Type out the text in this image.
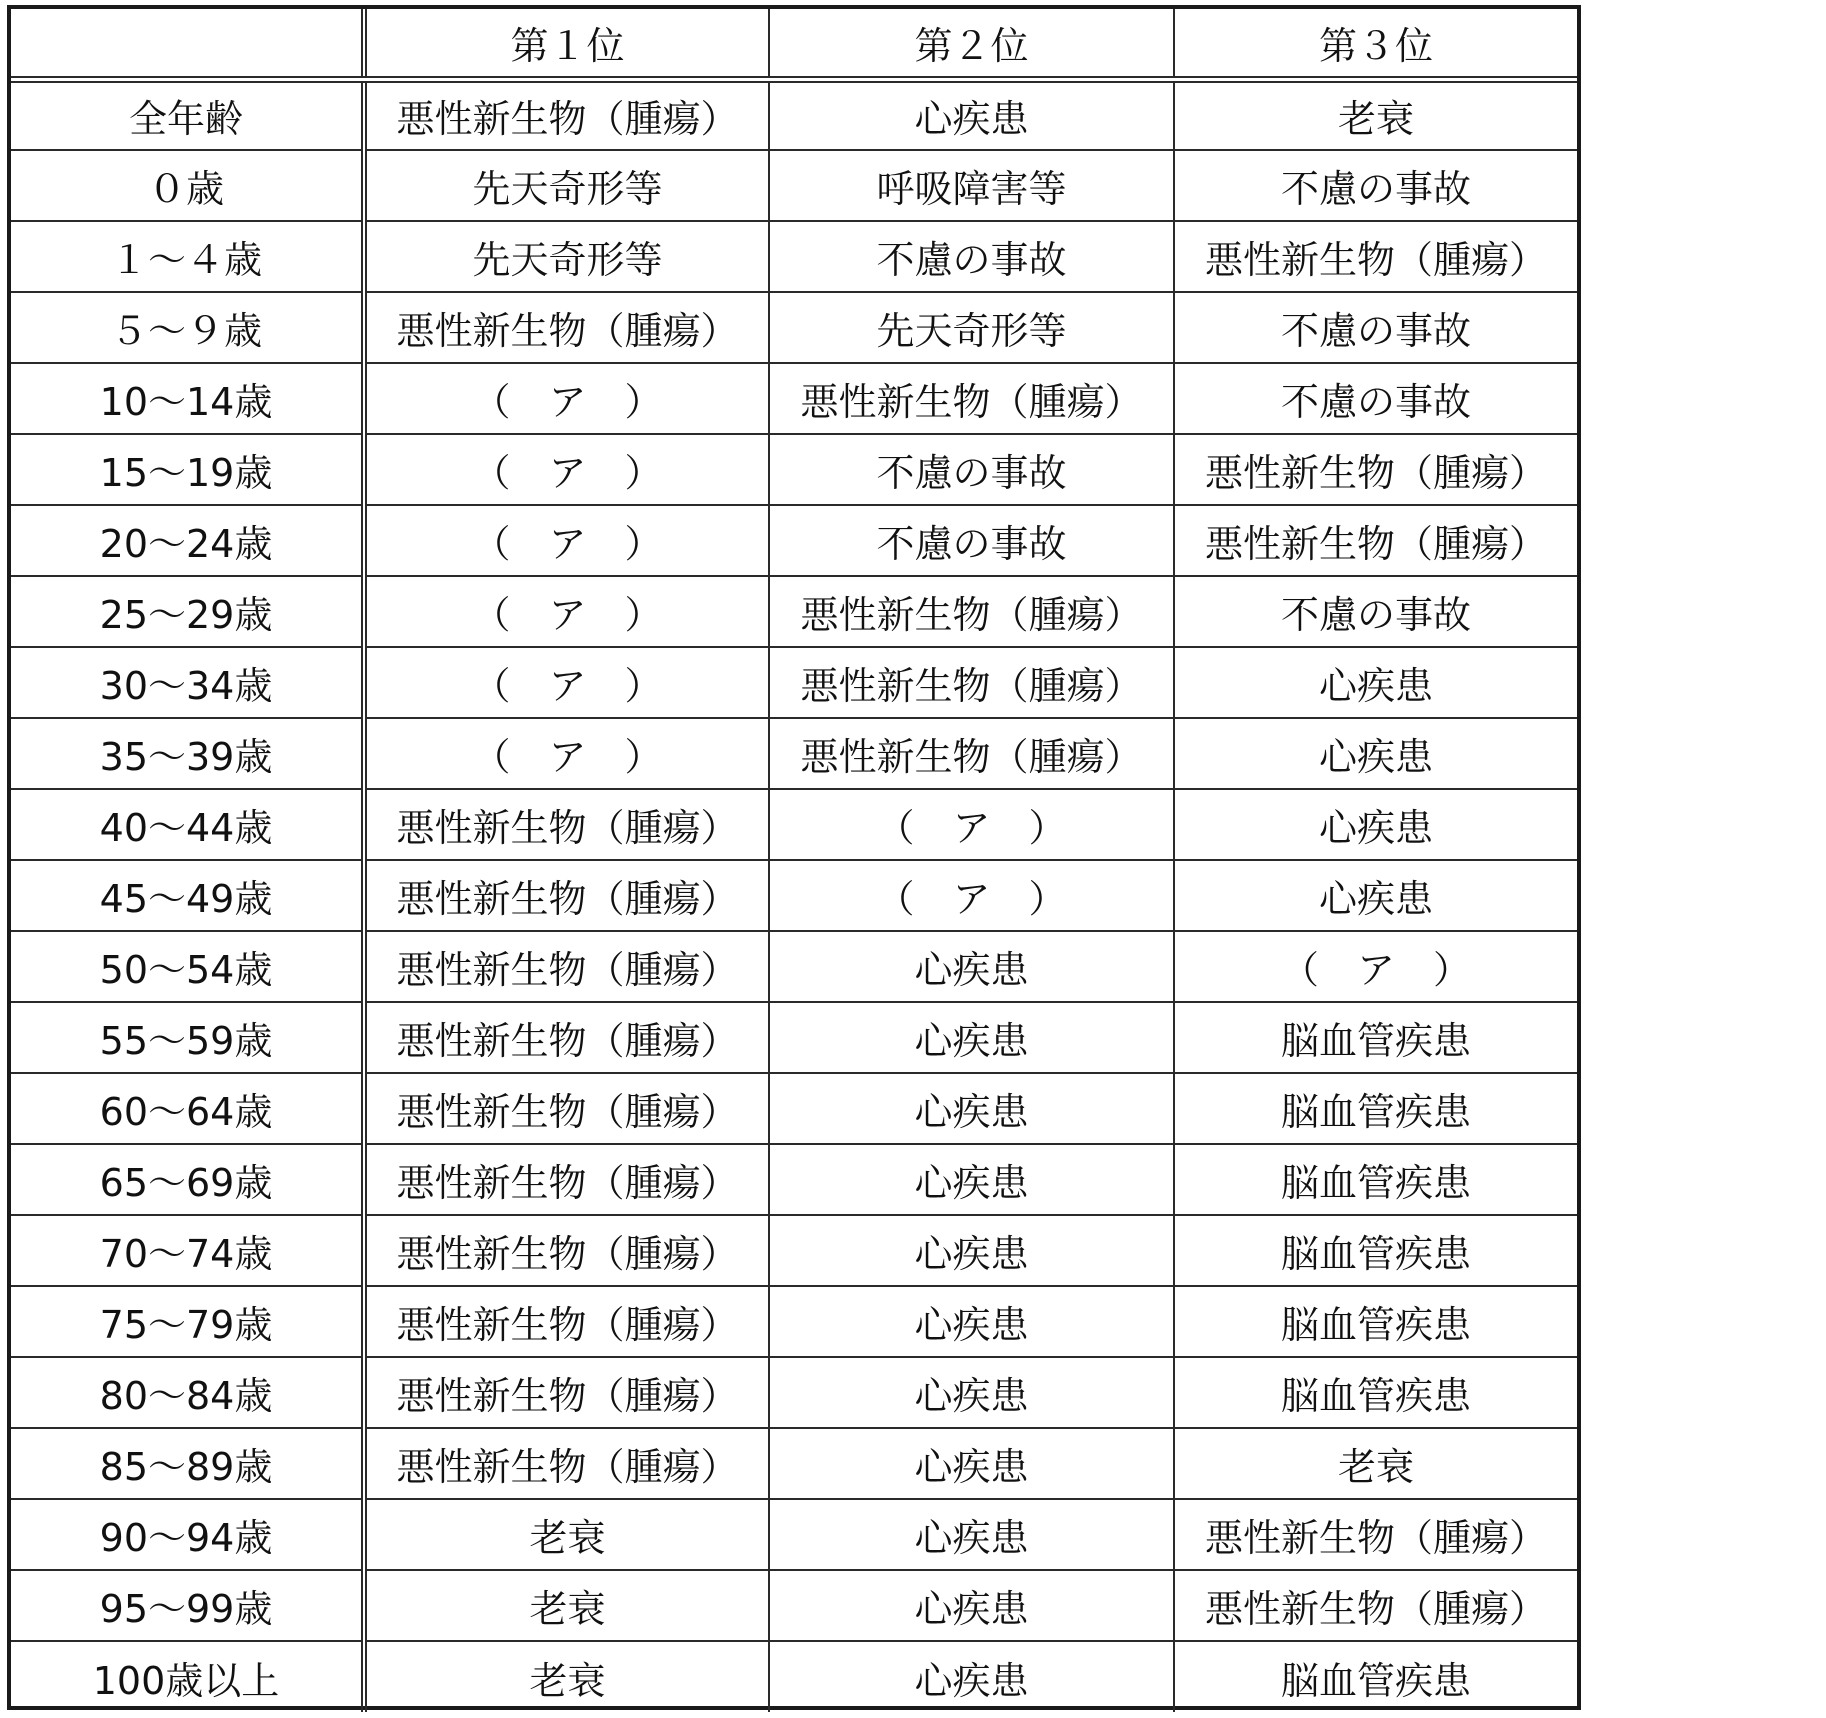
	第１位	第２位	第３位
全年齢	悪性新生物（腫瘍）	心疾患	老衰
０歳	先天奇形等	呼吸障害等	不慮の事故
１～４歳	先天奇形等	不慮の事故	悪性新生物（腫瘍）
５～９歳	悪性新生物（腫瘍）	先天奇形等	不慮の事故
10～14歳	（　ア　）	悪性新生物（腫瘍）	不慮の事故
15～19歳	（　ア　）	不慮の事故	悪性新生物（腫瘍）
20～24歳	（　ア　）	不慮の事故	悪性新生物（腫瘍）
25～29歳	（　ア　）	悪性新生物（腫瘍）	不慮の事故
30～34歳	（　ア　）	悪性新生物（腫瘍）	心疾患
35～39歳	（　ア　）	悪性新生物（腫瘍）	心疾患
40～44歳	悪性新生物（腫瘍）	（　ア　）	心疾患
45～49歳	悪性新生物（腫瘍）	（　ア　）	心疾患
50～54歳	悪性新生物（腫瘍）	心疾患	（　ア　）
55～59歳	悪性新生物（腫瘍）	心疾患	脳血管疾患
60～64歳	悪性新生物（腫瘍）	心疾患	脳血管疾患
65～69歳	悪性新生物（腫瘍）	心疾患	脳血管疾患
70～74歳	悪性新生物（腫瘍）	心疾患	脳血管疾患
75～79歳	悪性新生物（腫瘍）	心疾患	脳血管疾患
80～84歳	悪性新生物（腫瘍）	心疾患	脳血管疾患
85～89歳	悪性新生物（腫瘍）	心疾患	老衰
90～94歳	老衰	心疾患	悪性新生物（腫瘍）
95～99歳	老衰	心疾患	悪性新生物（腫瘍）
100歳以上	老衰	心疾患	脳血管疾患
